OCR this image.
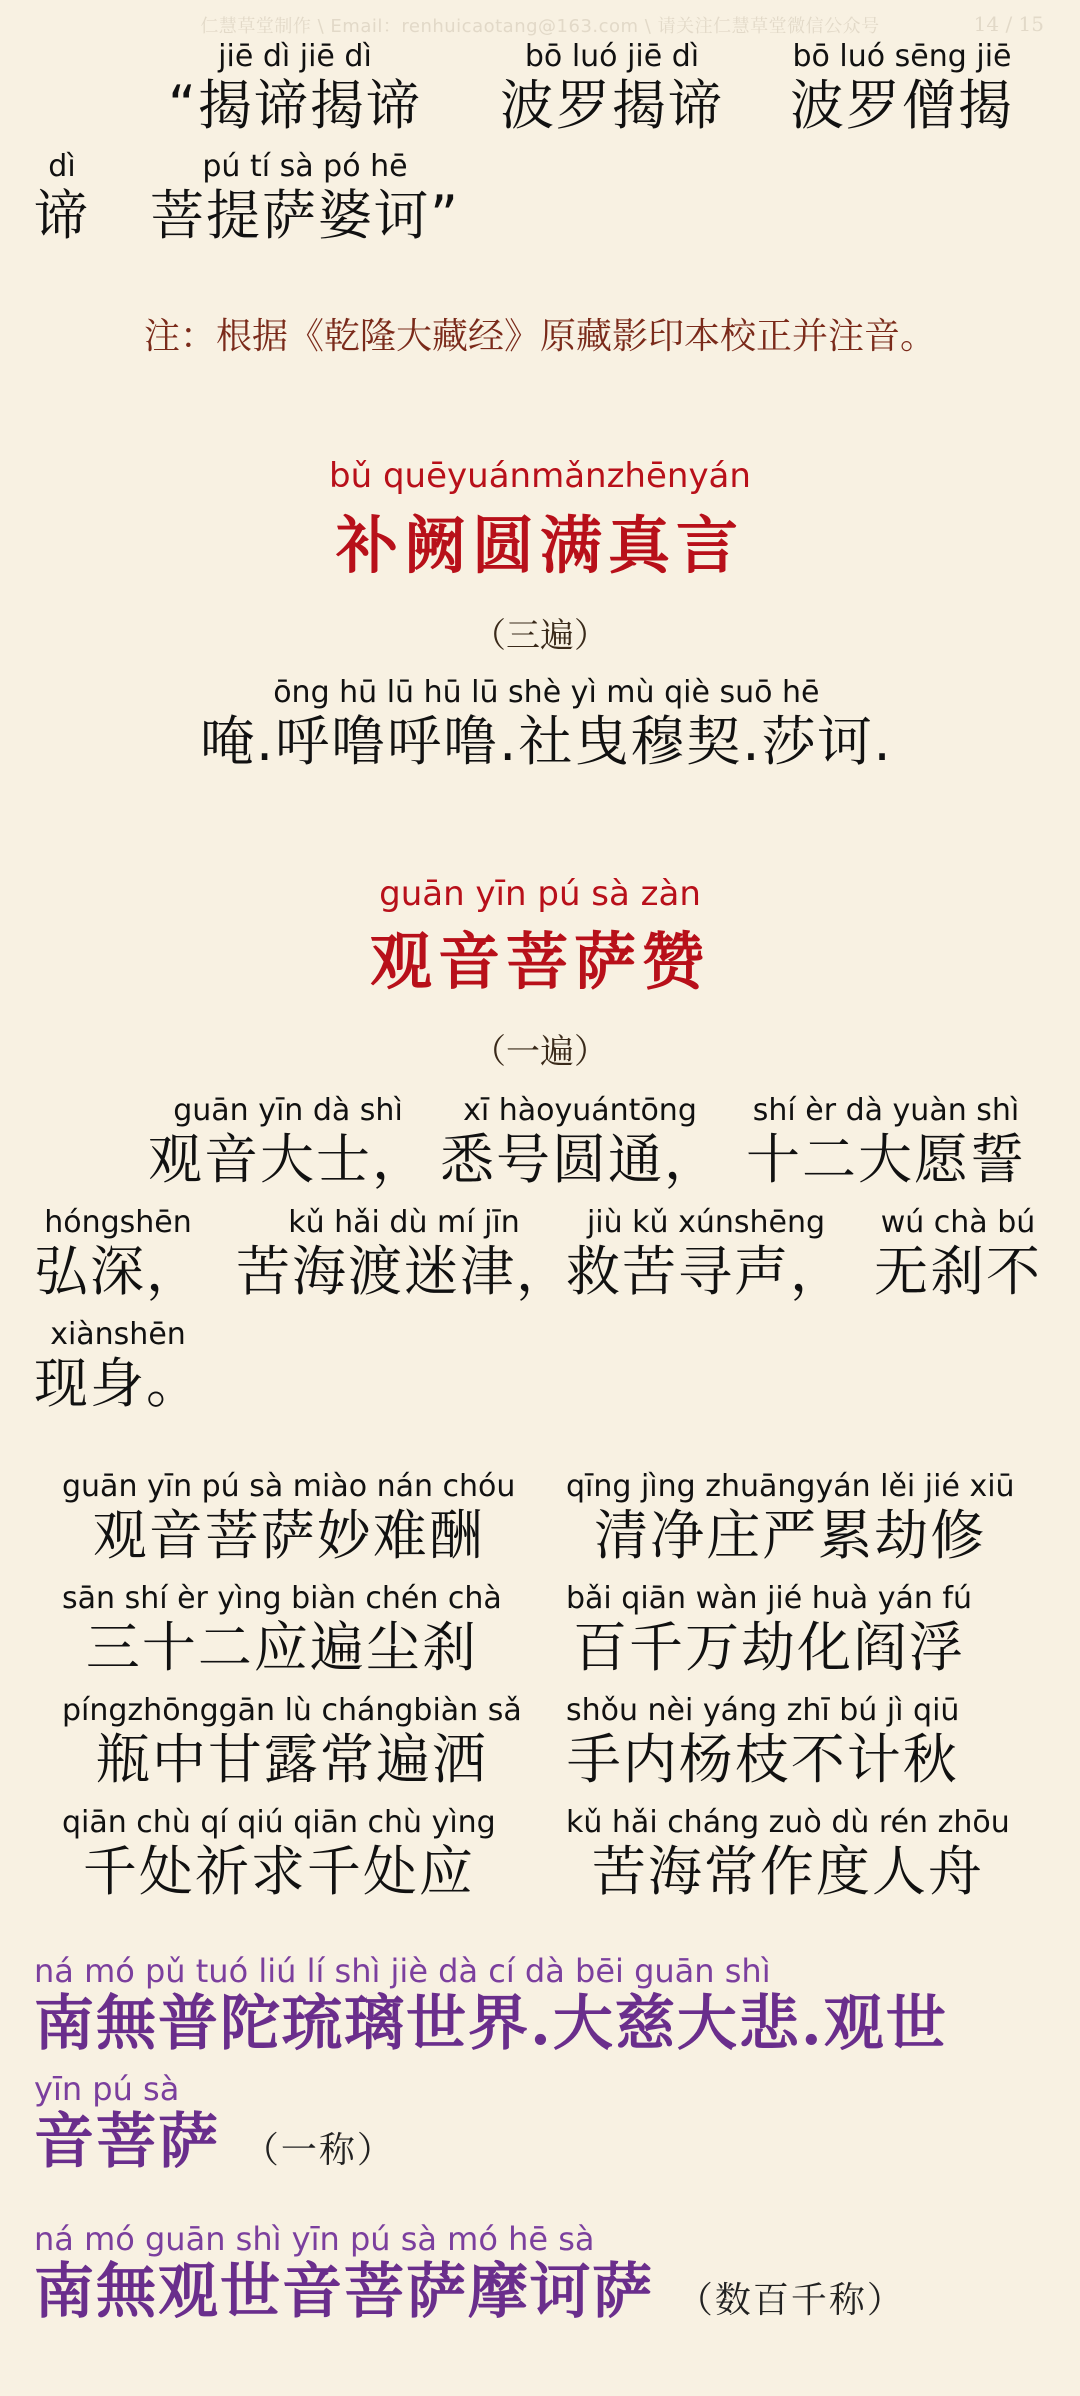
仁慧草堂制作 \ Email：renhuicaotang@163.com \ 请关注仁慧草堂微信公众号	14 / 15
jiē dì jiē dì
“揭谛揭谛
bō luó jiē dì
波罗揭谛
bō luó sēng jiē
波罗僧揭
dì
谛
pú tí sà pó hē
菩提萨婆诃”
注：根据《乾隆大藏经》原藏影印本校正并注音。
bǔ quēyuánmǎnzhēnyán
补阙圆满真言
（三遍）
ōng hū lū hū lū shè yì mù qiè suō hē
唵.呼噜呼噜.社曳穆契.莎诃.
guān yīn pú sà zàn
观音菩萨赞
（一遍）
guān yīn dà shì
观音大士，
xī hàoyuántōng
悉号圆通，
shí èr dà yuàn shì
十二大愿誓
hóngshēn
弘深，
kǔ hǎi dù mí jīn
苦海渡迷津，
jiù kǔ xúnshēng
救苦寻声，
wú chà bú
无刹不
xiànshēn
现身。
guān yīn pú sà miào nán chóu
观音菩萨妙难酬
qīng jìng zhuāngyán lěi jié xiū
清净庄严累劫修
sān shí èr yìng biàn chén chà
三十二应遍尘刹
bǎi qiān wàn jié huà yán fú
百千万劫化阎浮
píngzhōnggān lù chángbiàn sǎ
瓶中甘露常遍洒
shǒu nèi yáng zhī bú jì qiū
手内杨枝不计秋
qiān chù qí qiú qiān chù yìng
千处祈求千处应
kǔ hǎi cháng zuò dù rén zhōu
苦海常作度人舟
ná mó pǔ tuó liú lí shì jiè dà cí dà bēi guān shì
南無普陀琉璃世界.大慈大悲.观世
yīn pú sà
音菩萨 （一称）
ná mó guān shì yīn pú sà mó hē sà
南無观世音菩萨摩诃萨 （数百千称）
